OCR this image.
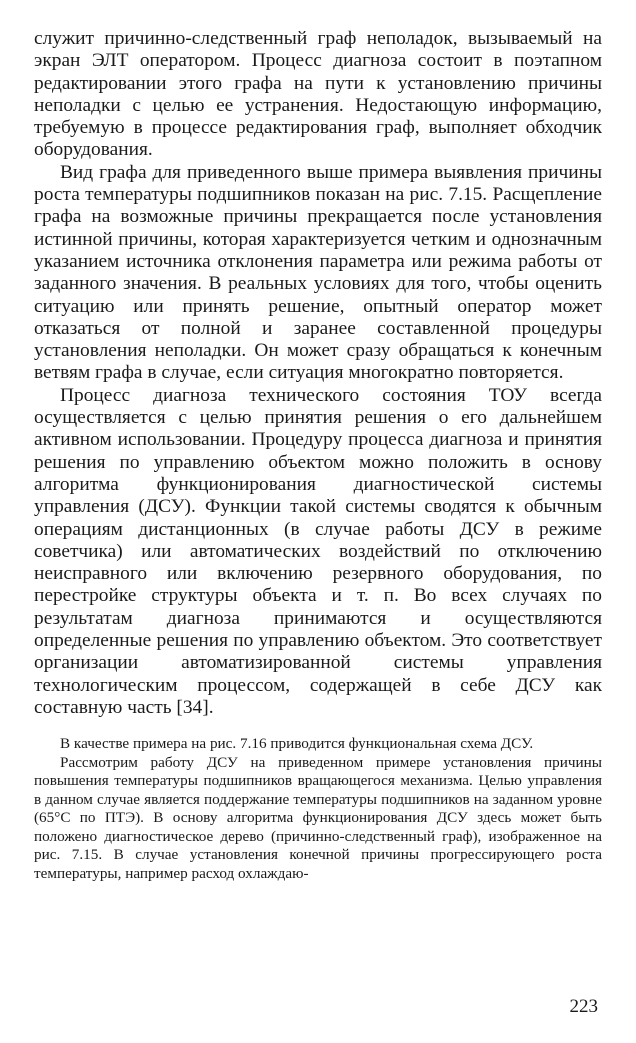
служит причинно-следственный граф неполадок, вызываемый на экран ЭЛТ оператором. Процесс диагноза состоит в поэтапном редактировании этого графа на пути к установлению причины неполадки с целью ее устранения. Недостающую информацию, требуемую в процессе редактирования граф, выполняет обходчик оборудования.

Вид графа для приведенного выше примера выявления причины роста температуры подшипников показан на рис. 7.15. Расщепление графа на возможные причины прекращается после установления истинной причины, которая характеризуется четким и однозначным указанием источника отклонения параметра или режима работы от заданного значения. В реальных условиях для того, чтобы оценить ситуацию или принять решение, опытный оператор может отказаться от полной и заранее составленной процедуры установления неполадки. Он может сразу обращаться к конечным ветвям графа в случае, если ситуация многократно повторяется.

Процесс диагноза технического состояния ТОУ всегда осуществляется с целью принятия решения о его дальнейшем активном использовании. Процедуру процесса диагноза и принятия решения по управлению объектом можно положить в основу алгоритма функционирования диагностической системы управления (ДСУ). Функции такой системы сводятся к обычным операциям дистанционных (в случае работы ДСУ в режиме советчика) или автоматических воздействий по отключению неисправного или включению резервного оборудования, по перестройке структуры объекта и т. п. Во всех случаях по результатам диагноза принимаются и осуществляются определенные решения по управлению объектом. Это соответствует организации автоматизированной системы управления технологическим процессом, содержащей в себе ДСУ как составную часть [34].

В качестве примера на рис. 7.16 приводится функциональная схема ДСУ.

Рассмотрим работу ДСУ на приведенном примере установления причины повышения температуры подшипников вращающегося механизма. Целью управления в данном случае является поддержание температуры подшипников на заданном уровне (65°C по ПТЭ). В основу алгоритма функционирования ДСУ здесь может быть положено диагностическое дерево (причинно-следственный граф), изображенное на рис. 7.15. В случае установления конечной причины прогрессирующего роста температуры, например расход охлаждаю-

223
